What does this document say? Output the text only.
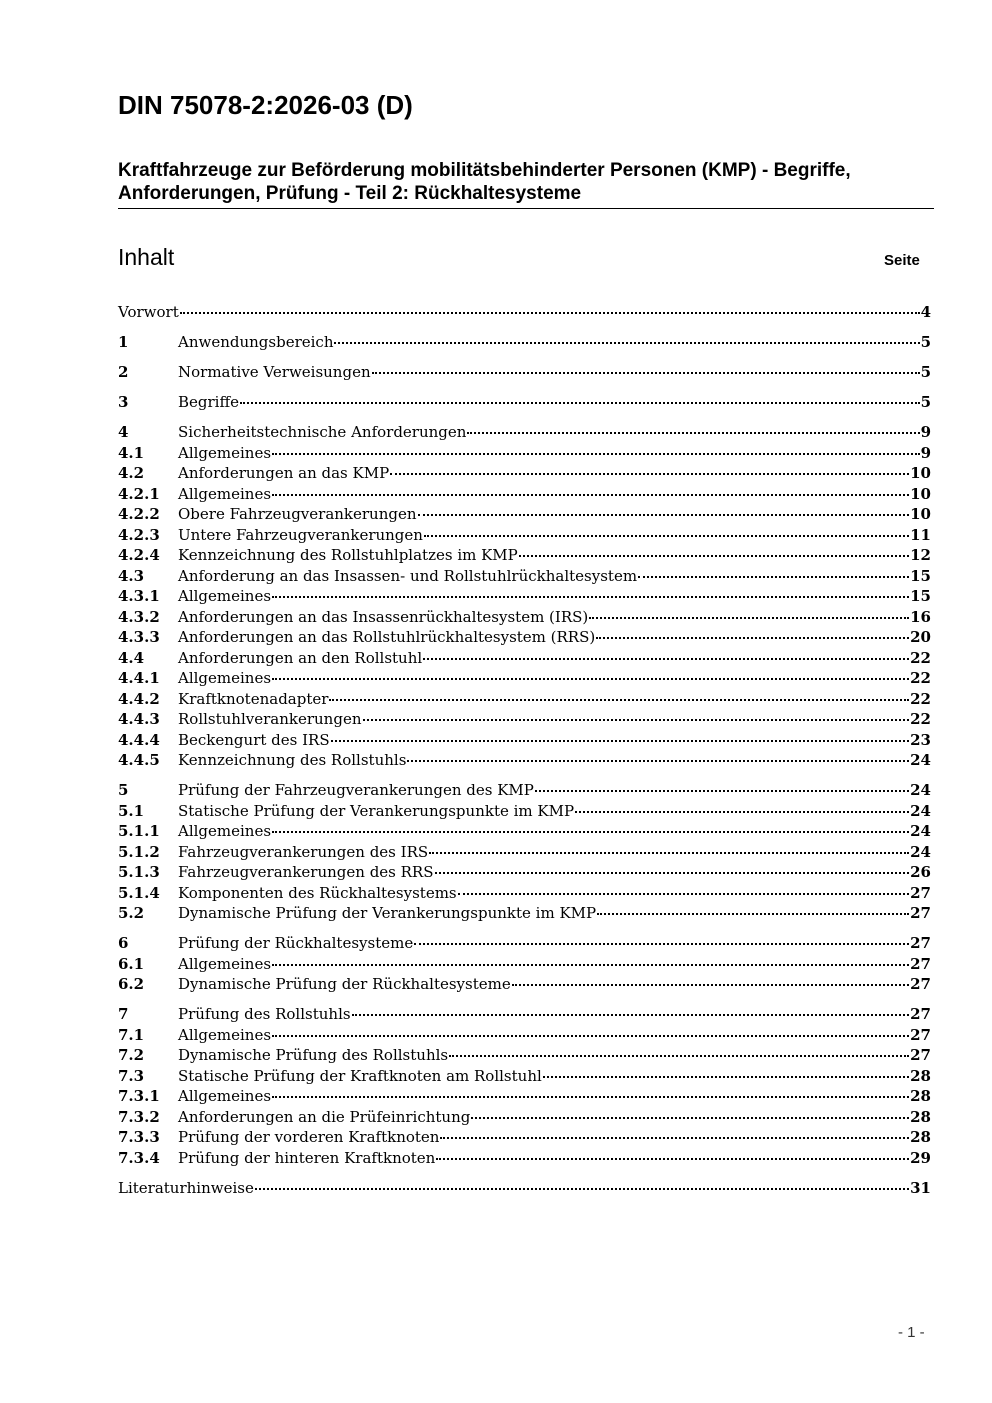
DIN 75078-2:2026-03 (D)
Kraftfahrzeuge zur Beförderung mobilitätsbehinderter Personen (KMP) - Begriffe,
Anforderungen, Prüfung - Teil 2: Rückhaltesysteme
Inhalt	Seite
Vorwort	4
1	Anwendungsbereich	5
2	Normative Verweisungen	5
3	Begriffe	5
4	Sicherheitstechnische Anforderungen	9
4.1	Allgemeines	9
4.2	Anforderungen an das KMP	10
4.2.1	Allgemeines	10
4.2.2	Obere Fahrzeugverankerungen	10
4.2.3	Untere Fahrzeugverankerungen	11
4.2.4	Kennzeichnung des Rollstuhlplatzes im KMP	12
4.3	Anforderung an das Insassen- und Rollstuhlrückhaltesystem	15
4.3.1	Allgemeines	15
4.3.2	Anforderungen an das Insassenrückhaltesystem (IRS)	16
4.3.3	Anforderungen an das Rollstuhlrückhaltesystem (RRS)	20
4.4	Anforderungen an den Rollstuhl	22
4.4.1	Allgemeines	22
4.4.2	Kraftknotenadapter	22
4.4.3	Rollstuhlverankerungen	22
4.4.4	Beckengurt des IRS	23
4.4.5	Kennzeichnung des Rollstuhls	24
5	Prüfung der Fahrzeugverankerungen des KMP	24
5.1	Statische Prüfung der Verankerungspunkte im KMP	24
5.1.1	Allgemeines	24
5.1.2	Fahrzeugverankerungen des IRS	24
5.1.3	Fahrzeugverankerungen des RRS	26
5.1.4	Komponenten des Rückhaltesystems	27
5.2	Dynamische Prüfung der Verankerungspunkte im KMP	27
6	Prüfung der Rückhaltesysteme	27
6.1	Allgemeines	27
6.2	Dynamische Prüfung der Rückhaltesysteme	27
7	Prüfung des Rollstuhls	27
7.1	Allgemeines	27
7.2	Dynamische Prüfung des Rollstuhls	27
7.3	Statische Prüfung der Kraftknoten am Rollstuhl	28
7.3.1	Allgemeines	28
7.3.2	Anforderungen an die Prüfeinrichtung	28
7.3.3	Prüfung der vorderen Kraftknoten	28
7.3.4	Prüfung der hinteren Kraftknoten	29
Literaturhinweise	31
- 1 -
